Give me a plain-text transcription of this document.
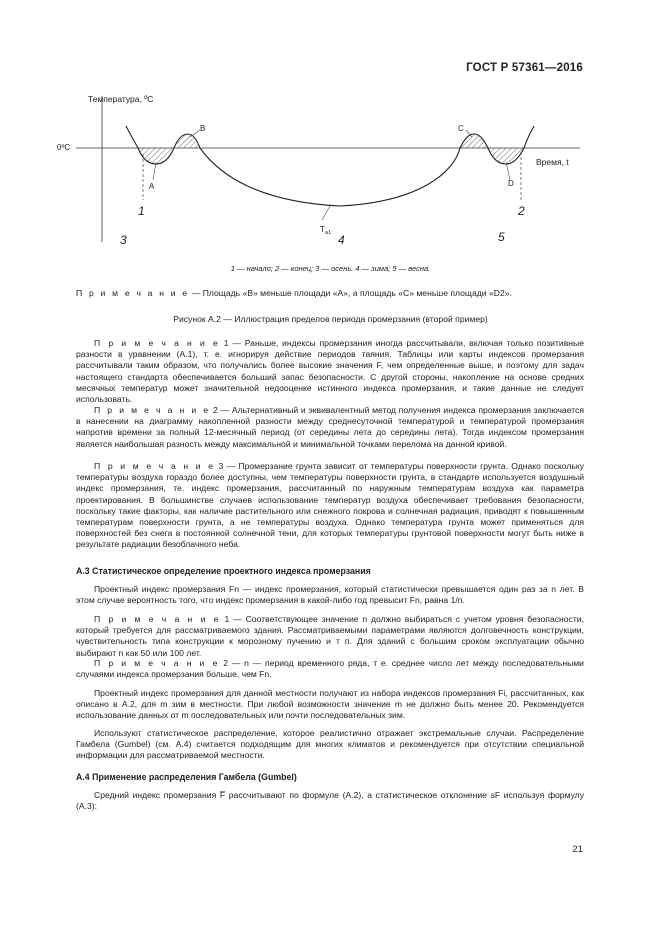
ГОСТ Р 57361—2016
Температура, ºC
0ºC
Время, t
A
B	C
D
1	2
3	4	5
$T_{a1}$
1 — начало; 2 — конец; 3 — осень. 4 — зима; 5 — весна.
П р и м е ч а н и е — Площадь «B» меньше площади «A», а площадь «C» меньше площади «D2».
Рисунок А.2 — Иллюстрация пределов периода промерзания (второй пример)

П р и м е ч а н и е 1 — Раньше, индексы промерзания иногда рассчитывали, включая только позитивные разности в уравнении (А.1), т. е. игнорируя действие периодов таяния. Таблицы или карты индексов промерзания рассчитывали таким образом, что получались более высокие значения F, чем определенные выше, и поэтому для задач настоящего стандарта обеспечивается больший запас безопасности. С другой стороны, накопление на основе средних месячных температур может значительной недооценке истинного индекса промерзания, и такие данные не следует использовать.

П р и м е ч а н и е 2 — Альтернативный и эквивалентный метод получения индекса промерзания заключается в нанесении на диаграмму накопленной разности между среднесуточной температурой и температурой промерзания напротив времени за полный 12-месячный период (от середины лета до середины лета). Тогда индексом промерзания является наибольшая разность между максимальной и минимальной точками перелома на данной кривой.

П р и м е ч а н и е 3 — Промерзание грунта зависит от температуры поверхности грунта. Однако поскольку температуры воздуха гораздо более доступны, чем температуры поверхности грунта, в стандарте используется воздушный индекс промерзания, те. индекс промерзания, рассчитанный по наружным температурам воздуха как параметра проектирования. В большинстве случаев использование температур воздуха обеспечивает требования безопасности, поскольку такие факторы, как наличие растительного или снежного покрова и солнечная радиация, приводят к повышенным температурам поверхности грунта, а не температуры воздуха. Однако температура грунта может применяться для поверхностей без снега в постоянной солнечной тени, для которых температуры грунтовой поверхности могут быть ниже в результате радиации безоблачного неба.

А.3 Статистическое определение проектного индекса промерзания

Проектный индекс промерзания Fn — индекс промерзания, который статистически превышается один раз за n лет. В этом случае вероятность того, что индекс промерзания в какой-либо год превысит Fn, равна 1/n.

П р и м е ч а н и е 1 — Соответствующее значение n должно выбираться с учетом уровня безопасности, который требуется для рассматриваемого здания. Рассматриваемыми параметрами являются долговечность конструкции, чувствительность типа конструкции к морозному пучению и т п. Для зданий с большим сроком эксплуатации обычно выбирают n как 50 или 100 лет.

П р и м е ч а н и е 2 — n — период временного ряда, т е. среднее число лет между последовательными случаями индекса промерзания больше, чем Fn.

Проектный индекс промерзания для данной местности получают из набора индексов промерзания Fi, рассчитанных, как описано в А.2, для m зим в местности. При любой возможности значение m не должно быть менее 20. Рекомендуется использование данных от m последовательных или почти последовательных зим.

Используют статистическое распределение, которое реалистично отражает экстремальные случаи. Распределение Гамбела (Gumbel) (см. А.4) считается подходящим для многих климатов и рекомендуется при отсутствии специальной информации для рассматриваемой местности.

А.4 Применение распределения Гамбела (Gumbel)

Средний индекс промерзания F̅ рассчитывают по формуле (А.2), а статистическое отклонение sF используя формулу (А.3):

21
